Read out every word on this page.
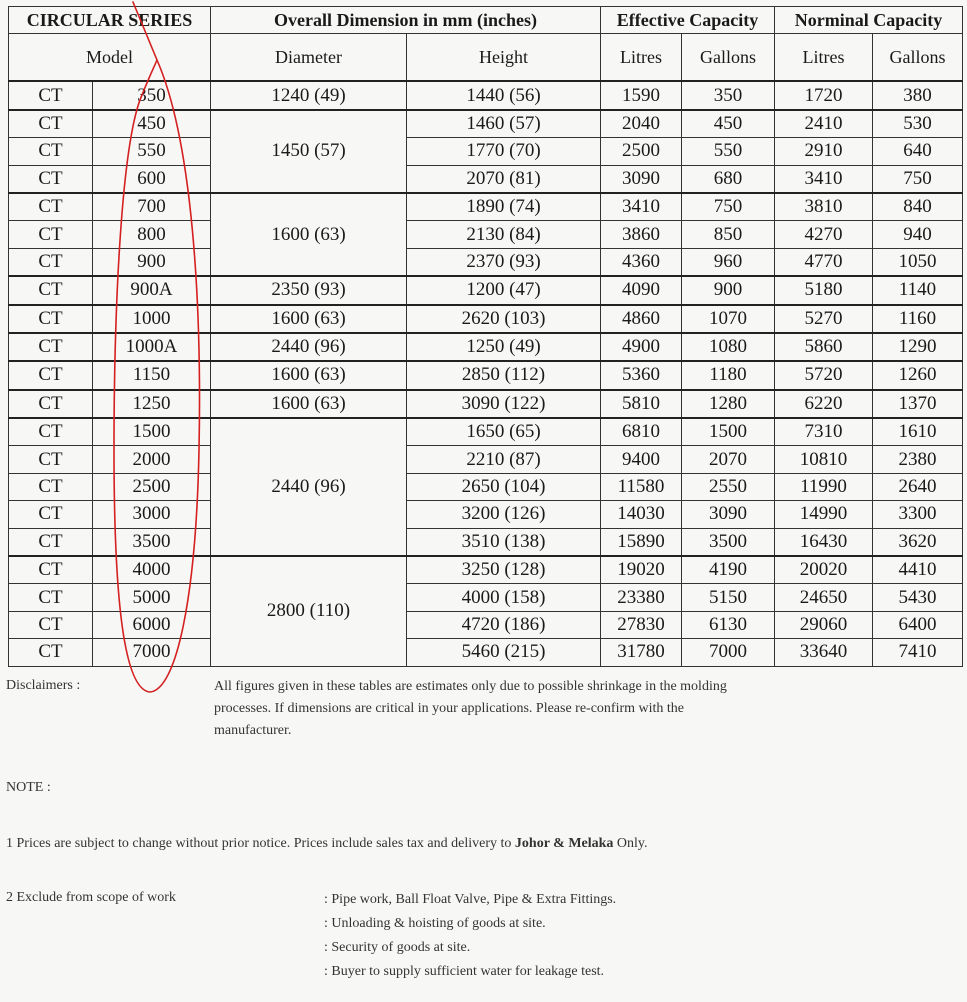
CIRCULAR SERIES		Overall Dimension in mm (inches)		Effective Capacity		Norminal Capacity	
Model		Diameter	Height	Litres	Gallons	Litres	Gallons
CT	350	1240 (49)	1440 (56)	1590	350	1720	380
CT	450	1450 (57)	1460 (57)	2040	450	2410	530
CT	550		1770 (70)	2500	550	2910	640
CT	600		2070 (81)	3090	680	3410	750
CT	700	1600 (63)	1890 (74)	3410	750	3810	840
CT	800		2130 (84)	3860	850	4270	940
CT	900		2370 (93)	4360	960	4770	1050
CT	900A	2350 (93)	1200 (47)	4090	900	5180	1140
CT	1000	1600 (63)	2620 (103)	4860	1070	5270	1160
CT	1000A	2440 (96)	1250 (49)	4900	1080	5860	1290
CT	1150	1600 (63)	2850 (112)	5360	1180	5720	1260
CT	1250	1600 (63)	3090 (122)	5810	1280	6220	1370
CT	1500	2440 (96)	1650 (65)	6810	1500	7310	1610
CT	2000		2210 (87)	9400	2070	10810	2380
CT	2500		2650 (104)	11580	2550	11990	2640
CT	3000		3200 (126)	14030	3090	14990	3300
CT	3500		3510 (138)	15890	3500	16430	3620
CT	4000	2800 (110)	3250 (128)	19020	4190	20020	4410
CT	5000		4000 (158)	23380	5150	24650	5430
CT	6000		4720 (186)	27830	6130	29060	6400
CT	7000		5460 (215)	31780	7000	33640	7410
Disclaimers :	All figures given in these tables are estimates only due to possible shrinkage in the molding
processes. If dimensions are critical in your applications. Please re-confirm with the
manufacturer.
NOTE :
1 Prices are subject to change without prior notice. Prices include sales tax and delivery to Johor & Melaka Only.
2 Exclude from scope of work	: Pipe work, Ball Float Valve, Pipe & Extra Fittings.
: Unloading & hoisting of goods at site.
: Security of goods at site.
: Buyer to supply sufficient water for leakage test.
